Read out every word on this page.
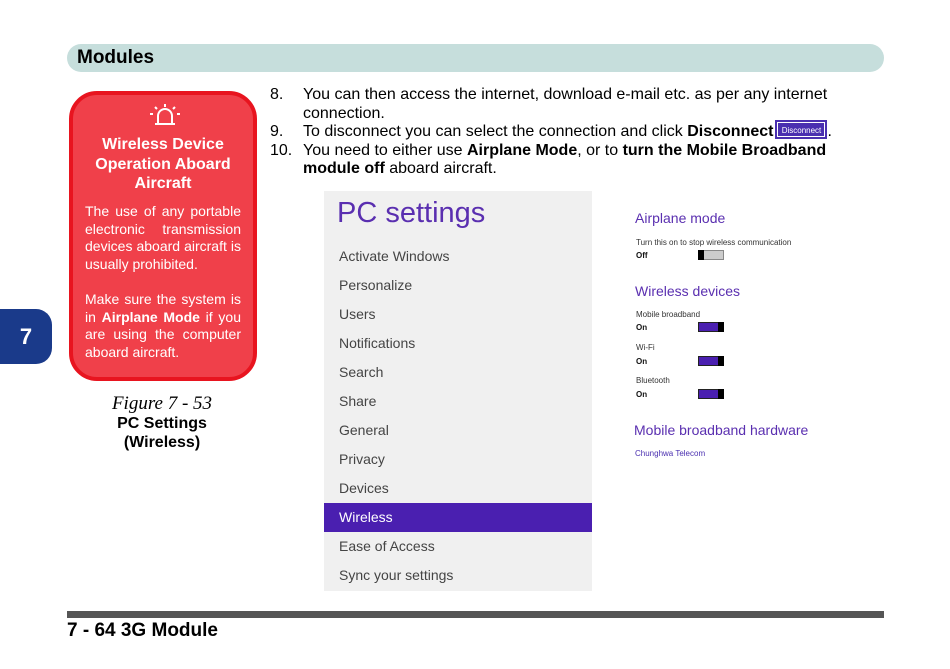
Modules
7
Wireless Device Operation Aboard Aircraft
The use of any portable electronic transmission devices aboard aircraft is usually prohibited.
Make sure the system is in Airplane Mode if you are using the computer aboard aircraft.
Figure 7 - 53
PC Settings (Wireless)
8. You can then access the internet, download e-mail etc. as per any internet connection.
9. To disconnect you can select the connection and click Disconnect Disconnect .
10. You need to either use Airplane Mode, or to turn the Mobile Broadband module off aboard aircraft.
PC settings
Activate Windows
Personalize
Users
Notifications
Search
Share
General
Privacy
Devices
Wireless
Ease of Access
Sync your settings
Airplane mode
Turn this on to stop wireless communication
Off
Wireless devices
Mobile broadband
On
Wi-Fi
On
Bluetooth
On
Mobile broadband hardware
Chunghwa Telecom
7 - 64 3G Module
